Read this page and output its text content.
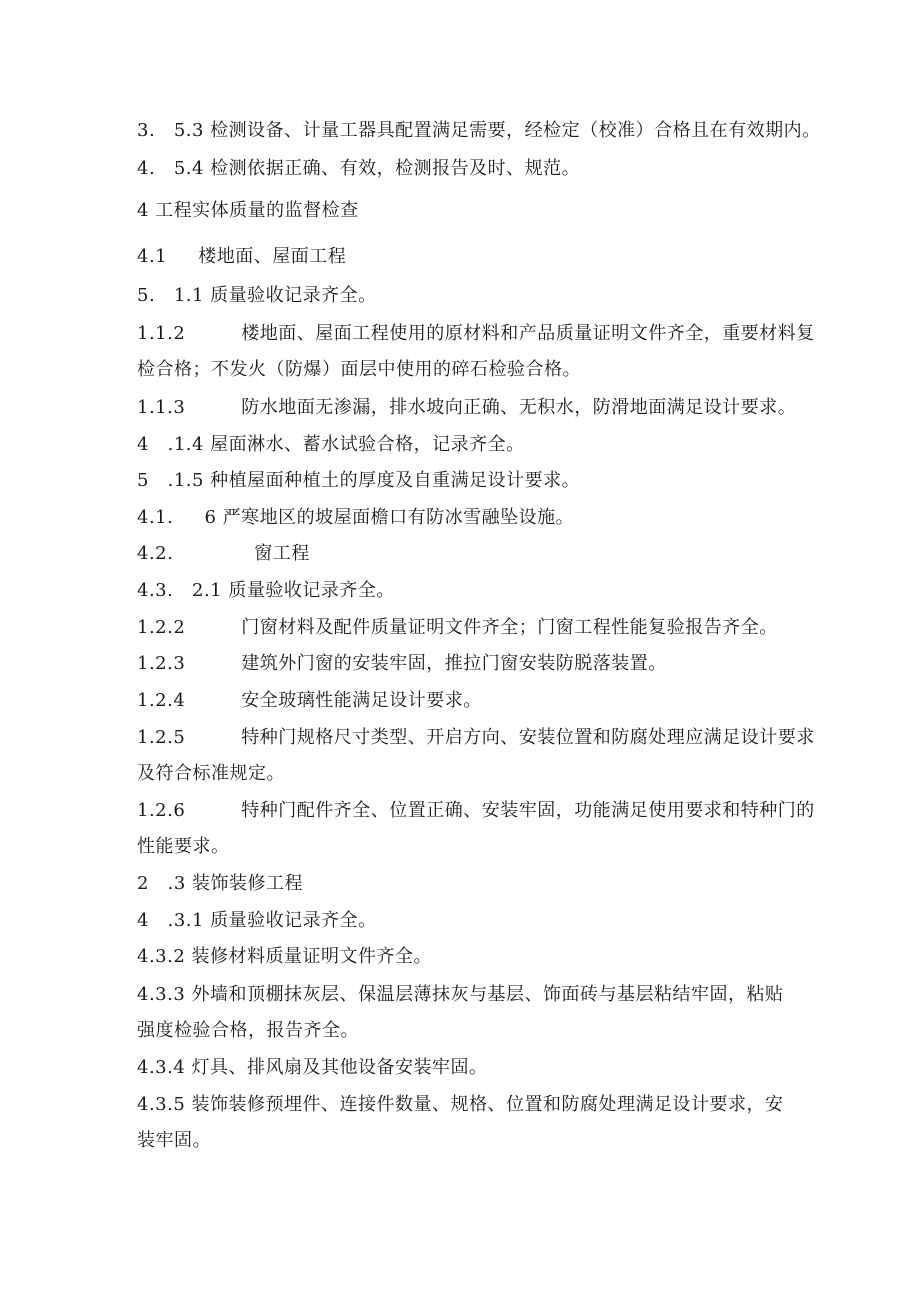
3.   5.3 检测设备、计量工器具配置满足需要，经检定（校准）合格且在有效期内。
4.   5.4 检测依据正确、有效，检测报告及时、规范。
4 工程实体质量的监督检查
4.1     楼地面、屋面工程
5.   1.1 质量验收记录齐全。
1.1.2         楼地面、屋面工程使用的原材料和产品质量证明文件齐全，重要材料复
检合格；不发火（防爆）面层中使用的碎石检验合格。
1.1.3         防水地面无渗漏，排水坡向正确、无积水，防滑地面满足设计要求。
4   .1.4 屋面淋水、蓄水试验合格，记录齐全。
5   .1.5 种植屋面种植土的厚度及自重满足设计要求。
4.1.     6 严寒地区的坡屋面檐口有防冰雪融坠设施。
4.2.             窗工程
4.3.   2.1 质量验收记录齐全。
1.2.2         门窗材料及配件质量证明文件齐全；门窗工程性能复验报告齐全。
1.2.3         建筑外门窗的安装牢固，推拉门窗安装防脱落装置。
1.2.4         安全玻璃性能满足设计要求。
1.2.5         特种门规格尺寸类型、开启方向、安装位置和防腐处理应满足设计要求
及符合标准规定。
1.2.6         特种门配件齐全、位置正确、安装牢固，功能满足使用要求和特种门的
性能要求。
2   .3 装饰装修工程
4   .3.1 质量验收记录齐全。
4.3.2 装修材料质量证明文件齐全。
4.3.3 外墙和顶棚抹灰层、保温层薄抹灰与基层、饰面砖与基层粘结牢固，粘贴
强度检验合格，报告齐全。
4.3.4 灯具、排风扇及其他设备安装牢固。
4.3.5 装饰装修预埋件、连接件数量、规格、位置和防腐处理满足设计要求，安
装牢固。
